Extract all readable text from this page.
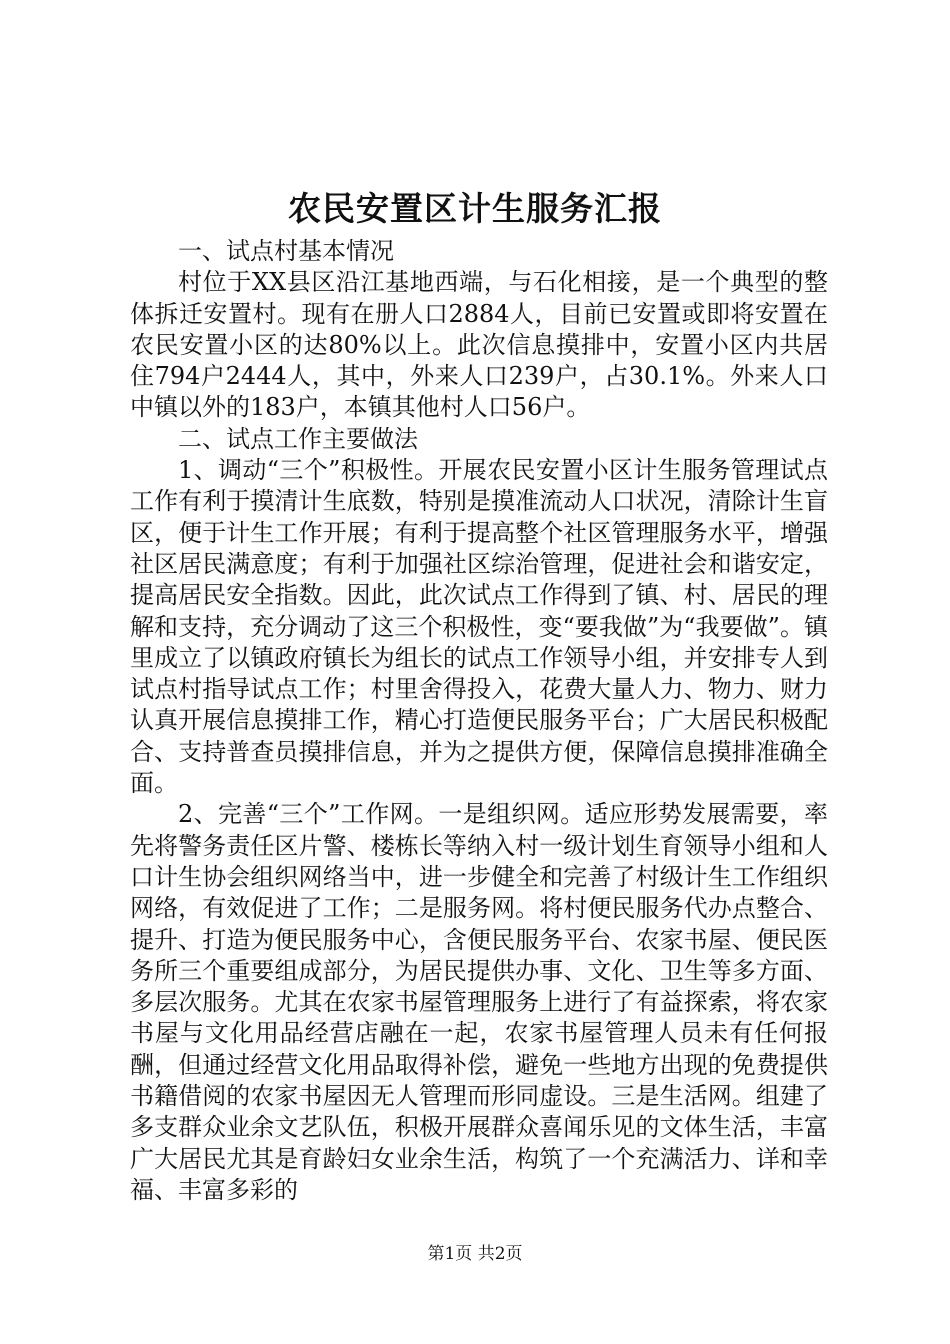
农民安置区计生服务汇报

一、试点村基本情况

村位于XX县区沿江基地西端，与石化相接，是一个典型的整体拆迁安置村。现有在册人口2884人，目前已安置或即将安置在农民安置小区的达80%以上。此次信息摸排中，安置小区内共居住794户2444人，其中，外来人口239户，占30.1%。外来人口中镇以外的183户，本镇其他村人口56户。

二、试点工作主要做法

1、调动“三个”积极性。开展农民安置小区计生服务管理试点工作有利于摸清计生底数，特别是摸准流动人口状况，清除计生盲区，便于计生工作开展；有利于提高整个社区管理服务水平，增强社区居民满意度；有利于加强社区综治管理，促进社会和谐安定，提高居民安全指数。因此，此次试点工作得到了镇、村、居民的理解和支持，充分调动了这三个积极性，变“要我做”为“我要做”。镇里成立了以镇政府镇长为组长的试点工作领导小组，并安排专人到试点村指导试点工作；村里舍得投入，花费大量人力、物力、财力认真开展信息摸排工作，精心打造便民服务平台；广大居民积极配合、支持普查员摸排信息，并为之提供方便，保障信息摸排准确全面。

2、完善“三个”工作网。一是组织网。适应形势发展需要，率先将警务责任区片警、楼栋长等纳入村一级计划生育领导小组和人口计生协会组织网络当中，进一步健全和完善了村级计生工作组织网络，有效促进了工作；二是服务网。将村便民服务代办点整合、提升、打造为便民服务中心，含便民服务平台、农家书屋、便民医务所三个重要组成部分，为居民提供办事、文化、卫生等多方面、多层次服务。尤其在农家书屋管理服务上进行了有益探索，将农家书屋与文化用品经营店融在一起，农家书屋管理人员未有任何报酬，但通过经营文化用品取得补偿，避免一些地方出现的免费提供书籍借阅的农家书屋因无人管理而形同虚设。三是生活网。组建了多支群众业余文艺队伍，积极开展群众喜闻乐见的文体生活，丰富广大居民尤其是育龄妇女业余生活，构筑了一个充满活力、详和幸福、丰富多彩的

第1页 共2页
